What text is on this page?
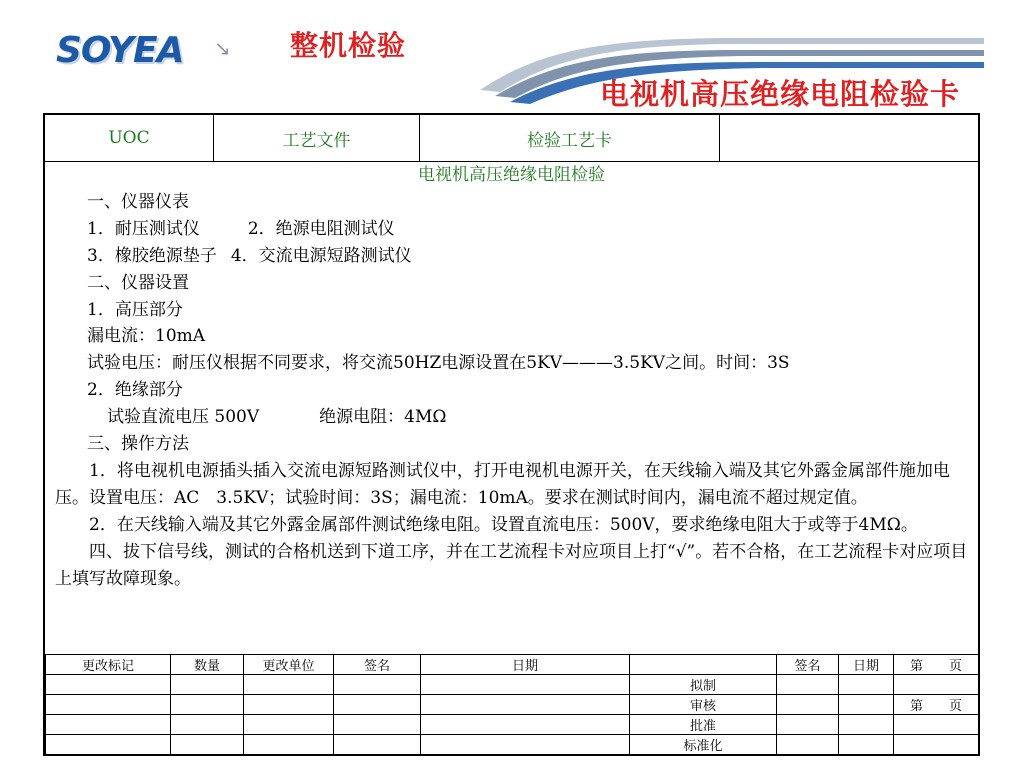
SOYEA ↘ 整机检验
电视机高压绝缘电阻检验卡
UOC	工艺文件	检验工艺卡
电视机高压绝缘电阻检验
一、仪器仪表
1．耐压测试仪	2．绝源电阻测试仪
3．橡胶绝源垫子 4．交流电源短路测试仪
二、仪器设置
1．高压部分
漏电流：10mA
试验电压：耐压仪根据不同要求，将交流50HZ电源设置在5KV———3.5KV之间。时间：3S
2．绝缘部分
试验直流电压 500V	绝源电阻：4MΩ
三、操作方法
1．将电视机电源插头插入交流电源短路测试仪中，打开电视机电源开关，在天线输入端及其它外露金属部件施加电压。设置电压：AC　3.5KV；试验时间：3S；漏电流：10mA。要求在测试时间内，漏电流不超过规定值。
2．在天线输入端及其它外露金属部件测试绝缘电阻。设置直流电压：500V，要求绝缘电阻大于或等于4MΩ。
四、拔下信号线，测试的合格机送到下道工序，并在工艺流程卡对应项目上打“√”。若不合格，在工艺流程卡对应项目上填写故障现象。
更改标记	数量	更改单位	签名	日期		签名	日期	第　　页
					拟制			
					审核			第　　页
					批准			
					标准化			
